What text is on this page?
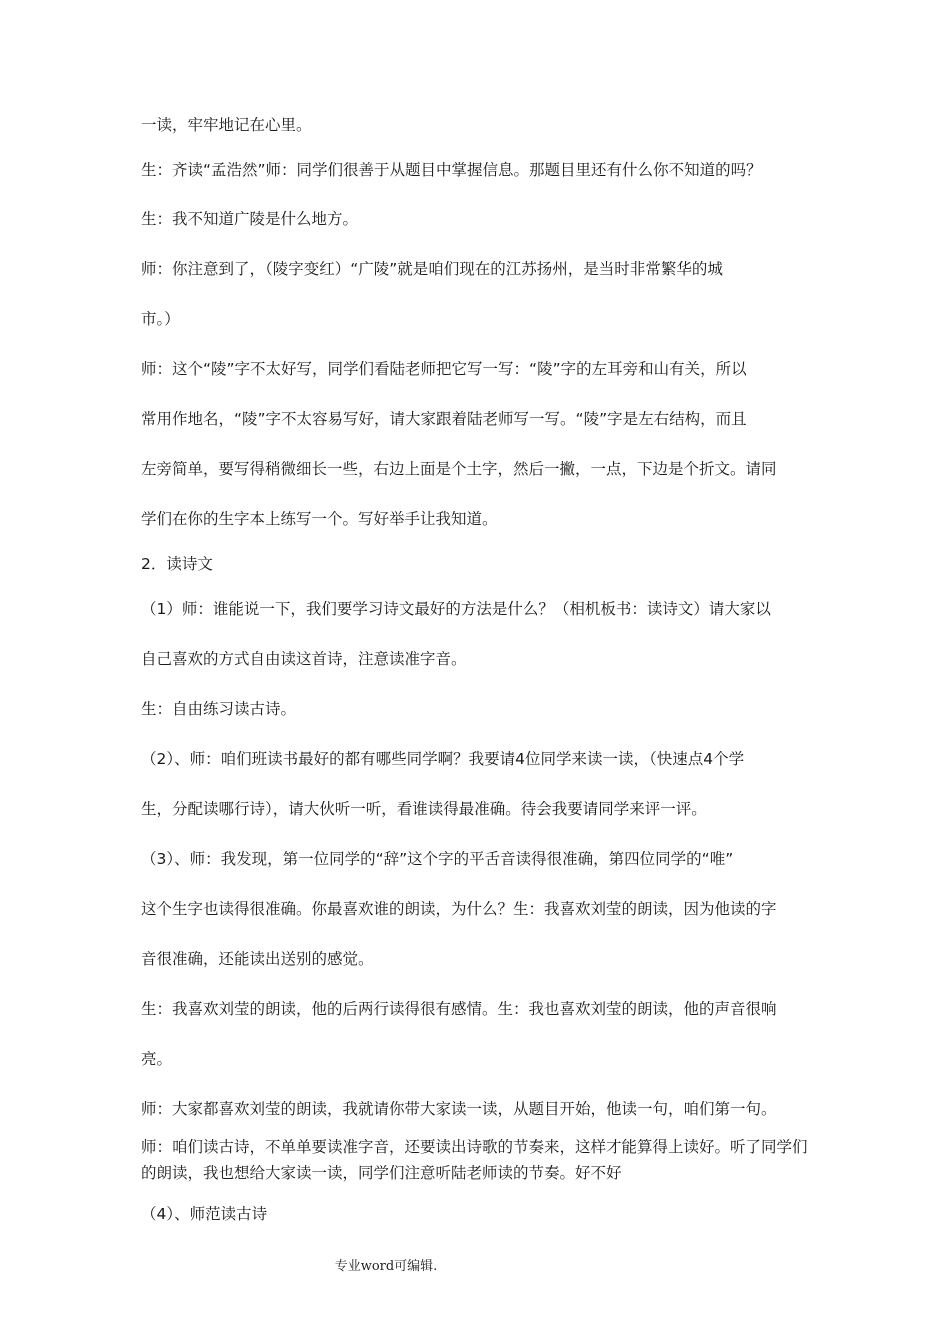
一读，牢牢地记在心里。
生：齐读“孟浩然”师：同学们很善于从题目中掌握信息。那题目里还有什么你不知道的吗？
生：我不知道广陵是什么地方。
师：你注意到了，（陵字变红）“广陵”就是咱们现在的江苏扬州，是当时非常繁华的城
市。）
师：这个“陵”字不太好写，同学们看陆老师把它写一写：“陵”字的左耳旁和山有关，所以
常用作地名，“陵”字不太容易写好，请大家跟着陆老师写一写。“陵”字是左右结构，而且
左旁简单，要写得稍微细长一些，右边上面是个土字，然后一撇，一点，下边是个折文。请同
学们在你的生字本上练写一个。写好举手让我知道。
2．读诗文
（1）师：谁能说一下，我们要学习诗文最好的方法是什么？（相机板书：读诗文）请大家以
自己喜欢的方式自由读这首诗，注意读准字音。
生：自由练习读古诗。
（2）、师：咱们班读书最好的都有哪些同学啊？我要请4位同学来读一读，（快速点4个学
生，分配读哪行诗），请大伙听一听，看谁读得最准确。待会我要请同学来评一评。
（3）、师：我发现，第一位同学的“辞”这个字的平舌音读得很准确，第四位同学的“唯”
这个生字也读得很准确。你最喜欢谁的朗读，为什么？生：我喜欢刘莹的朗读，因为他读的字
音很准确，还能读出送别的感觉。
生：我喜欢刘莹的朗读，他的后两行读得很有感情。生：我也喜欢刘莹的朗读，他的声音很响
亮。
师：大家都喜欢刘莹的朗读，我就请你带大家读一读，从题目开始，他读一句，咱们第一句。
师：咱们读古诗，不单单要读准字音，还要读出诗歌的节奏来，这样才能算得上读好。听了同学们的朗读，我也想给大家读一读，同学们注意听陆老师读的节奏。好不好
（4）、师范读古诗
专业word可编辑.
